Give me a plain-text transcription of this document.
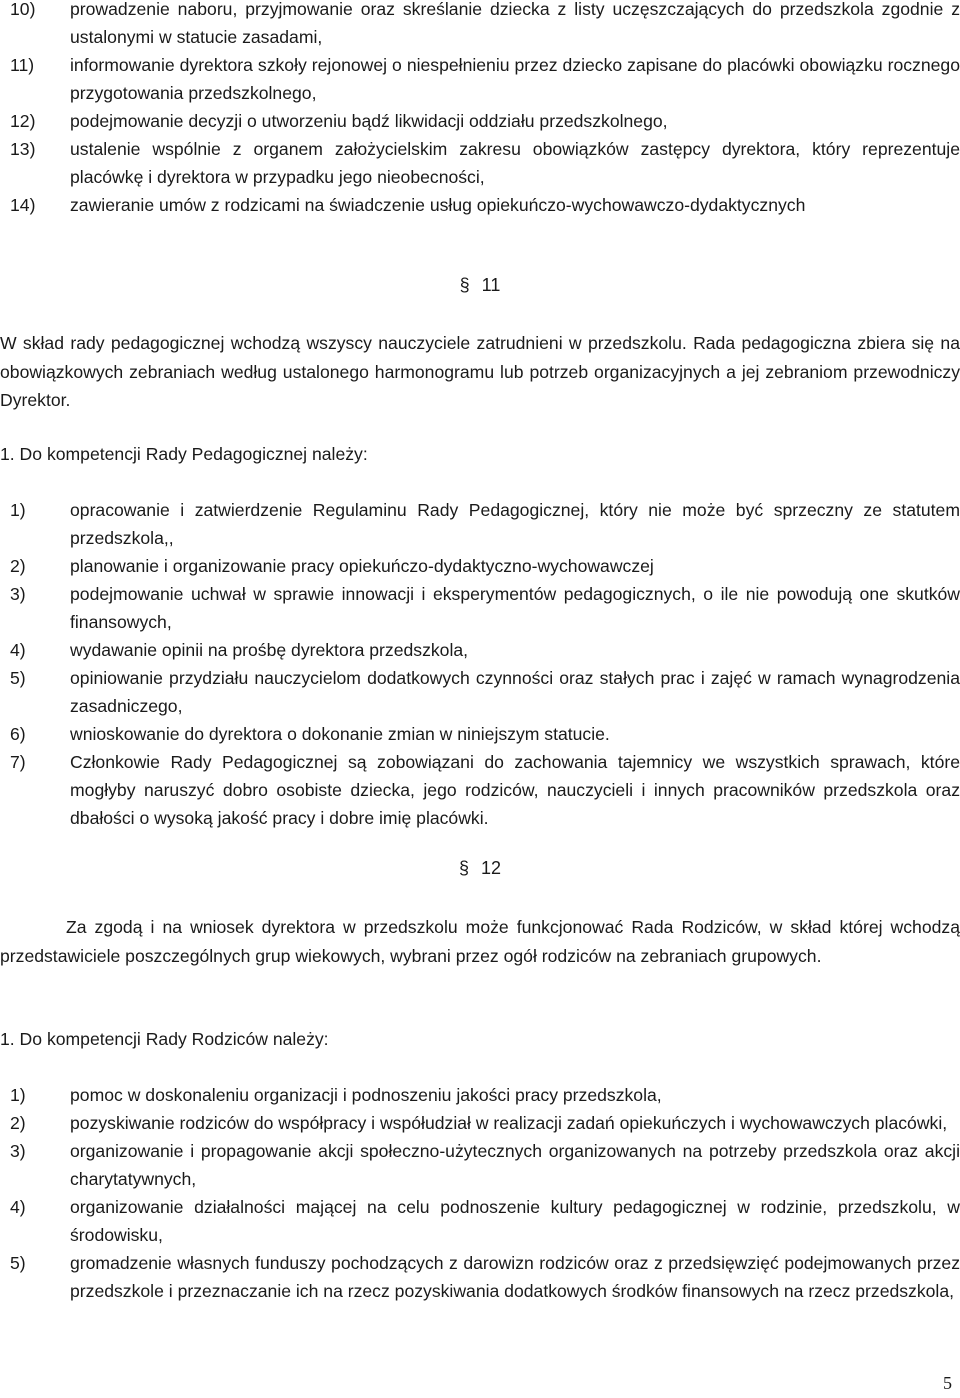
10)	prowadzenie naboru, przyjmowanie oraz skreślanie dziecka z listy uczęszczających do przedszkola zgodnie z ustalonymi w statucie zasadami,
11)	informowanie dyrektora szkoły rejonowej o niespełnieniu przez dziecko zapisane do placówki obowiązku rocznego przygotowania przedszkolnego,
12)	podejmowanie decyzji o utworzeniu bądź likwidacji oddziału przedszkolnego,
13)	ustalenie wspólnie z organem założycielskim zakresu obowiązków zastępcy dyrektora, który reprezentuje placówkę i dyrektora w przypadku jego nieobecności,
14)	zawieranie umów z rodzicami na świadczenie usług opiekuńczo-wychowawczo-dydaktycznych
§ 11
W skład rady pedagogicznej wchodzą wszyscy nauczyciele zatrudnieni w przedszkolu. Rada pedagogiczna zbiera się na obowiązkowych zebraniach według ustalonego harmonogramu lub potrzeb organizacyjnych a jej zebraniom przewodniczy Dyrektor.
1. Do kompetencji Rady Pedagogicznej należy:
1)	opracowanie i zatwierdzenie Regulaminu Rady Pedagogicznej, który nie może być sprzeczny ze statutem przedszkola,,
2)	planowanie i organizowanie pracy opiekuńczo-dydaktyczno-wychowawczej
3)	podejmowanie uchwał w sprawie innowacji i eksperymentów pedagogicznych, o ile nie powodują one skutków finansowych,
4)	wydawanie opinii na prośbę dyrektora przedszkola,
5)	opiniowanie przydziału nauczycielom dodatkowych czynności oraz stałych prac i zajęć w ramach wynagrodzenia zasadniczego,
6)	wnioskowanie do dyrektora o dokonanie zmian w niniejszym statucie.
7)	Członkowie Rady Pedagogicznej są zobowiązani do zachowania tajemnicy we wszystkich sprawach, które mogłyby naruszyć dobro osobiste dziecka, jego rodziców, nauczycieli i innych pracowników przedszkola oraz dbałości o wysoką jakość pracy i dobre imię placówki.
§ 12
Za zgodą i na wniosek dyrektora w przedszkolu może funkcjonować Rada Rodziców, w skład której wchodzą przedstawiciele poszczególnych grup wiekowych, wybrani przez ogół rodziców na zebraniach grupowych.
1. Do kompetencji Rady Rodziców należy:
1)	pomoc w doskonaleniu organizacji i podnoszeniu jakości pracy przedszkola,
2)	pozyskiwanie rodziców do współpracy i współudział w realizacji zadań opiekuńczych i wychowawczych placówki,
3)	organizowanie i propagowanie akcji społeczno-użytecznych organizowanych na potrzeby przedszkola oraz akcji charytatywnych,
4)	organizowanie działalności mającej na celu podnoszenie kultury pedagogicznej w rodzinie, przedszkolu, w środowisku,
5)	gromadzenie własnych funduszy pochodzących z darowizn rodziców oraz z przedsięwzięć podejmowanych przez przedszkole i przeznaczanie ich na rzecz pozyskiwania dodatkowych środków finansowych na rzecz przedszkola,
5
